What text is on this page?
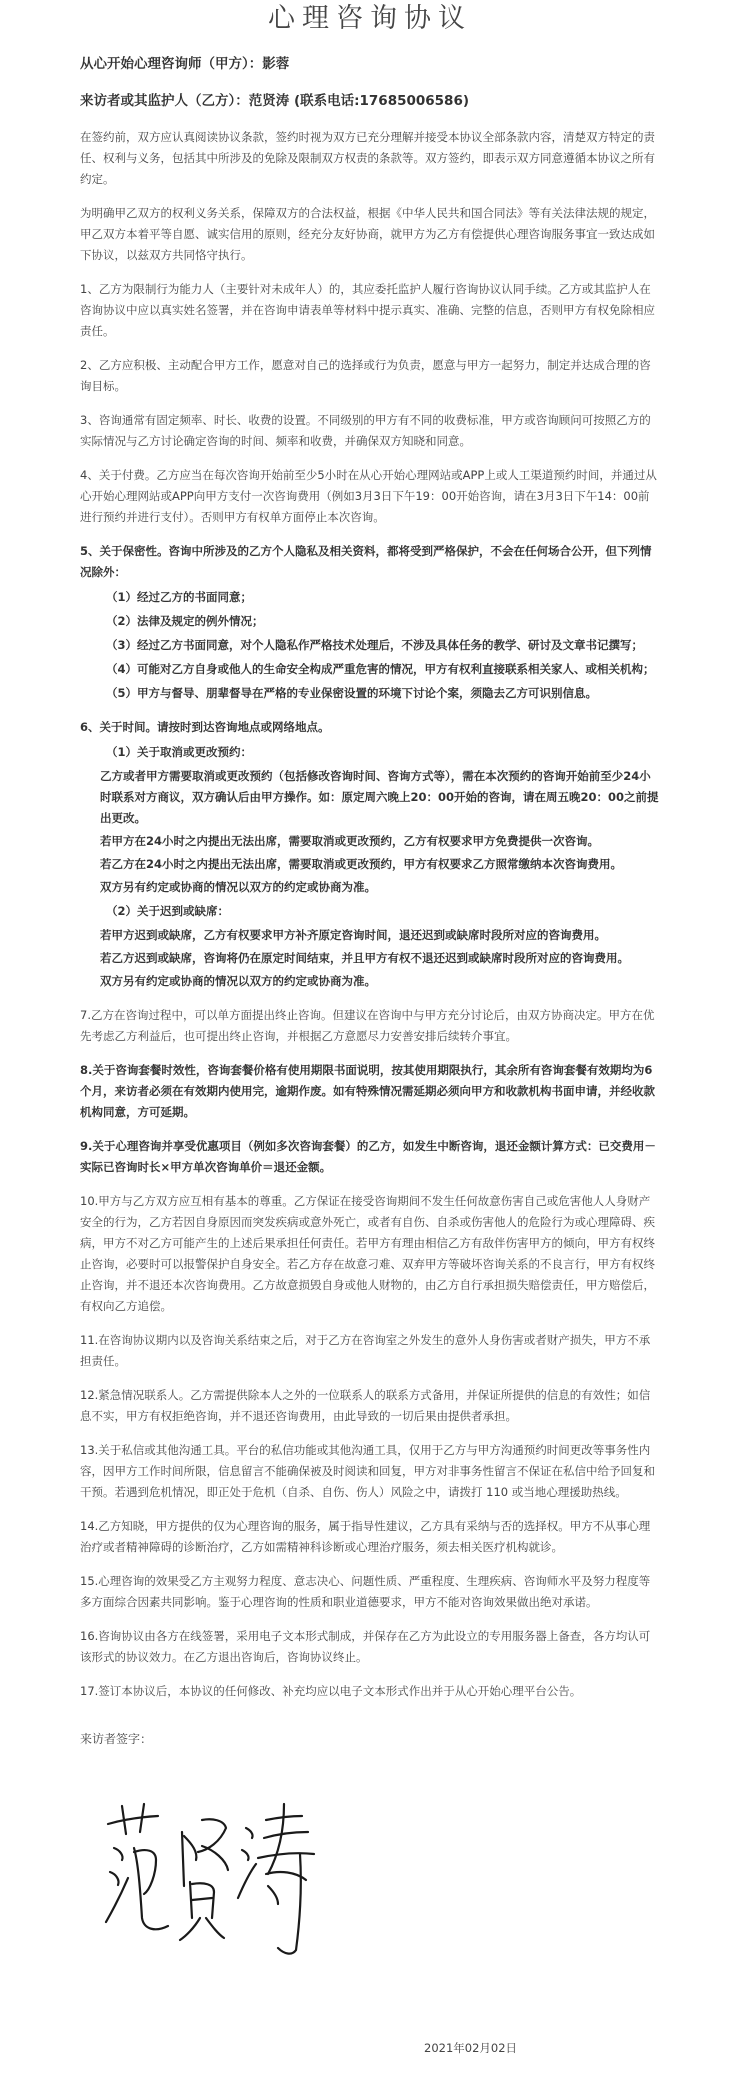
心理咨询协议
从心开始心理咨询师（甲方）：影蓉
来访者或其监护人（乙方）：范贤涛 (联系电话:17685006586)

在签约前，双方应认真阅读协议条款，签约时视为双方已充分理解并接受本协议全部条款内容，清楚双方特定的责任、权利与义务，包括其中所涉及的免除及限制双方权责的条款等。双方签约，即表示双方同意遵循本协议之所有约定。

为明确甲乙双方的权利义务关系，保障双方的合法权益，根据《中华人民共和国合同法》等有关法律法规的规定，甲乙双方本着平等自愿、诚实信用的原则，经充分友好协商，就甲方为乙方有偿提供心理咨询服务事宜一致达成如下协议，以兹双方共同恪守执行。

1、乙方为限制行为能力人（主要针对未成年人）的，其应委托监护人履行咨询协议认同手续。乙方或其监护人在咨询协议中应以真实姓名签署，并在咨询申请表单等材料中提示真实、准确、完整的信息，否则甲方有权免除相应责任。

2、乙方应积极、主动配合甲方工作，愿意对自己的选择或行为负责，愿意与甲方一起努力，制定并达成合理的咨询目标。

3、咨询通常有固定频率、时长、收费的设置。不同级别的甲方有不同的收费标准，甲方或咨询顾问可按照乙方的实际情况与乙方讨论确定咨询的时间、频率和收费，并确保双方知晓和同意。

4、关于付费。乙方应当在每次咨询开始前至少5小时在从心开始心理网站或APP上或人工渠道预约时间，并通过从心开始心理网站或APP向甲方支付一次咨询费用（例如3月3日下午19：00开始咨询，请在3月3日下午14：00前进行预约并进行支付）。否则甲方有权单方面停止本次咨询。

5、关于保密性。咨询中所涉及的乙方个人隐私及相关资料，都将受到严格保护，不会在任何场合公开，但下列情况除外：
（1）经过乙方的书面同意；
（2）法律及规定的例外情况；
（3）经过乙方书面同意，对个人隐私作严格技术处理后，不涉及具体任务的教学、研讨及文章书记撰写；
（4）可能对乙方自身或他人的生命安全构成严重危害的情况，甲方有权利直接联系相关家人、或相关机构；
（5）甲方与督导、朋辈督导在严格的专业保密设置的环境下讨论个案，须隐去乙方可识别信息。
6、关于时间。请按时到达咨询地点或网络地点。
（1）关于取消或更改预约：
乙方或者甲方需要取消或更改预约（包括修改咨询时间、咨询方式等），需在本次预约的咨询开始前至少24小时联系对方商议，双方确认后由甲方操作。如：原定周六晚上20：00开始的咨询，请在周五晚20：00之前提出更改。
若甲方在24小时之内提出无法出席，需要取消或更改预约，乙方有权要求甲方免费提供一次咨询。
若乙方在24小时之内提出无法出席，需要取消或更改预约，甲方有权要求乙方照常缴纳本次咨询费用。
双方另有约定或协商的情况以双方的约定或协商为准。
（2）关于迟到或缺席：
若甲方迟到或缺席，乙方有权要求甲方补齐原定咨询时间，退还迟到或缺席时段所对应的咨询费用。
若乙方迟到或缺席，咨询将仍在原定时间结束，并且甲方有权不退还迟到或缺席时段所对应的咨询费用。
双方另有约定或协商的情况以双方的约定或协商为准。

7.乙方在咨询过程中，可以单方面提出终止咨询。但建议在咨询中与甲方充分讨论后，由双方协商决定。甲方在优先考虑乙方利益后，也可提出终止咨询，并根据乙方意愿尽力安善安排后续转介事宜。

8.关于咨询套餐时效性，咨询套餐价格有使用期限书面说明，按其使用期限执行，其余所有咨询套餐有效期均为6个月，来访者必须在有效期内使用完，逾期作废。如有特殊情况需延期必须向甲方和收款机构书面申请，并经收款机构同意，方可延期。

9.关于心理咨询并享受优惠项目（例如多次咨询套餐）的乙方，如发生中断咨询，退还金额计算方式：已交费用－实际已咨询时长×甲方单次咨询单价＝退还金额。

10.甲方与乙方双方应互相有基本的尊重。乙方保证在接受咨询期间不发生任何故意伤害自己或危害他人人身财产安全的行为，乙方若因自身原因而突发疾病或意外死亡，或者有自伤、自杀或伤害他人的危险行为或心理障碍、疾病，甲方不对乙方可能产生的上述后果承担任何责任。若甲方有理由相信乙方有敌伴伤害甲方的倾向，甲方有权终止咨询，必要时可以报警保护自身安全。若乙方存在故意刁难、双弃甲方等破坏咨询关系的不良言行，甲方有权终止咨询，并不退还本次咨询费用。乙方故意损毁自身或他人财物的，由乙方自行承担损失赔偿责任，甲方赔偿后，有权向乙方追偿。

11.在咨询协议期内以及咨询关系结束之后，对于乙方在咨询室之外发生的意外人身伤害或者财产损失，甲方不承担责任。

12.紧急情况联系人。乙方需提供除本人之外的一位联系人的联系方式备用，并保证所提供的信息的有效性；如信息不实，甲方有权拒绝咨询，并不退还咨询费用，由此导致的一切后果由提供者承担。

13.关于私信或其他沟通工具。平台的私信功能或其他沟通工具，仅用于乙方与甲方沟通预约时间更改等事务性内容，因甲方工作时间所限，信息留言不能确保被及时阅读和回复，甲方对非事务性留言不保证在私信中给予回复和干预。若遇到危机情况，即正处于危机（自杀、自伤、伤人）风险之中，请拨打 110 或当地心理援助热线。

14.乙方知晓，甲方提供的仅为心理咨询的服务，属于指导性建议，乙方具有采纳与否的选择权。甲方不从事心理治疗或者精神障碍的诊断治疗，乙方如需精神科诊断或心理治疗服务，须去相关医疗机构就诊。

15.心理咨询的效果受乙方主观努力程度、意志决心、问题性质、严重程度、生理疾病、咨询师水平及努力程度等多方面综合因素共同影响。鉴于心理咨询的性质和职业道德要求，甲方不能对咨询效果做出绝对承诺。

16.咨询协议由各方在线签署，采用电子文本形式制成，并保存在乙方为此设立的专用服务器上备查，各方均认可该形式的协议效力。在乙方退出咨询后，咨询协议终止。

17.签订本协议后，本协议的任何修改、补充均应以电子文本形式作出并于从心开始心理平台公告。

来访者签字：
2021年02月02日
